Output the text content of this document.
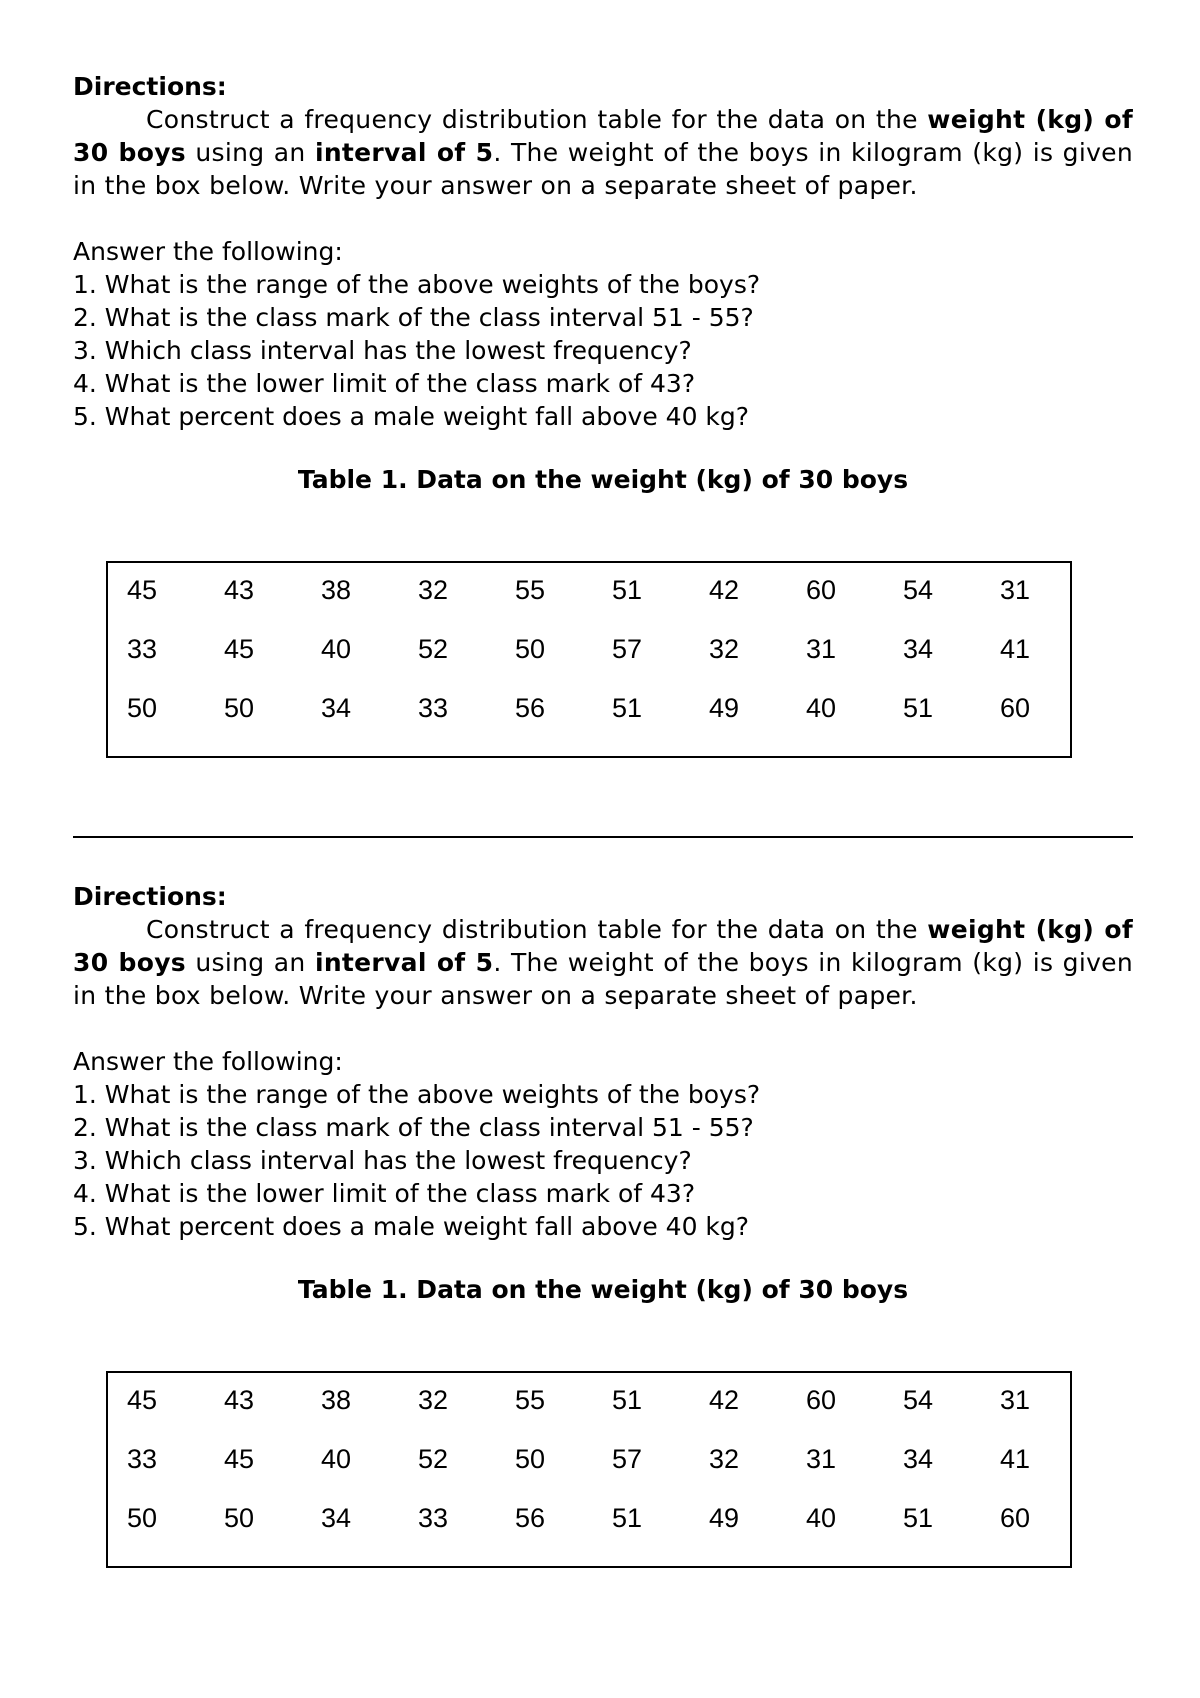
Directions:

Construct a frequency distribution table for the data on the weight (kg) of 30 boys using an interval of 5. The weight of the boys in kilogram (kg) is given in the box below. Write your answer on a separate sheet of paper.

Answer the following:

1. What is the range of the above weights of the boys?
2. What is the class mark of the class interval 51 - 55?
3. Which class interval has the lowest frequency?
4. What is the lower limit of the class mark of 43?
5. What percent does a male weight fall above 40 kg?

Table 1. Data on the weight (kg) of 30 boys

45	43	38	32	55	51	42	60	54	31
33	45	40	52	50	57	32	31	34	41
50	50	34	33	56	51	49	40	51	60

Directions:

Construct a frequency distribution table for the data on the weight (kg) of 30 boys using an interval of 5. The weight of the boys in kilogram (kg) is given in the box below. Write your answer on a separate sheet of paper.

Answer the following:

1. What is the range of the above weights of the boys?
2. What is the class mark of the class interval 51 - 55?
3. Which class interval has the lowest frequency?
4. What is the lower limit of the class mark of 43?
5. What percent does a male weight fall above 40 kg?

Table 1. Data on the weight (kg) of 30 boys

45	43	38	32	55	51	42	60	54	31
33	45	40	52	50	57	32	31	34	41
50	50	34	33	56	51	49	40	51	60
